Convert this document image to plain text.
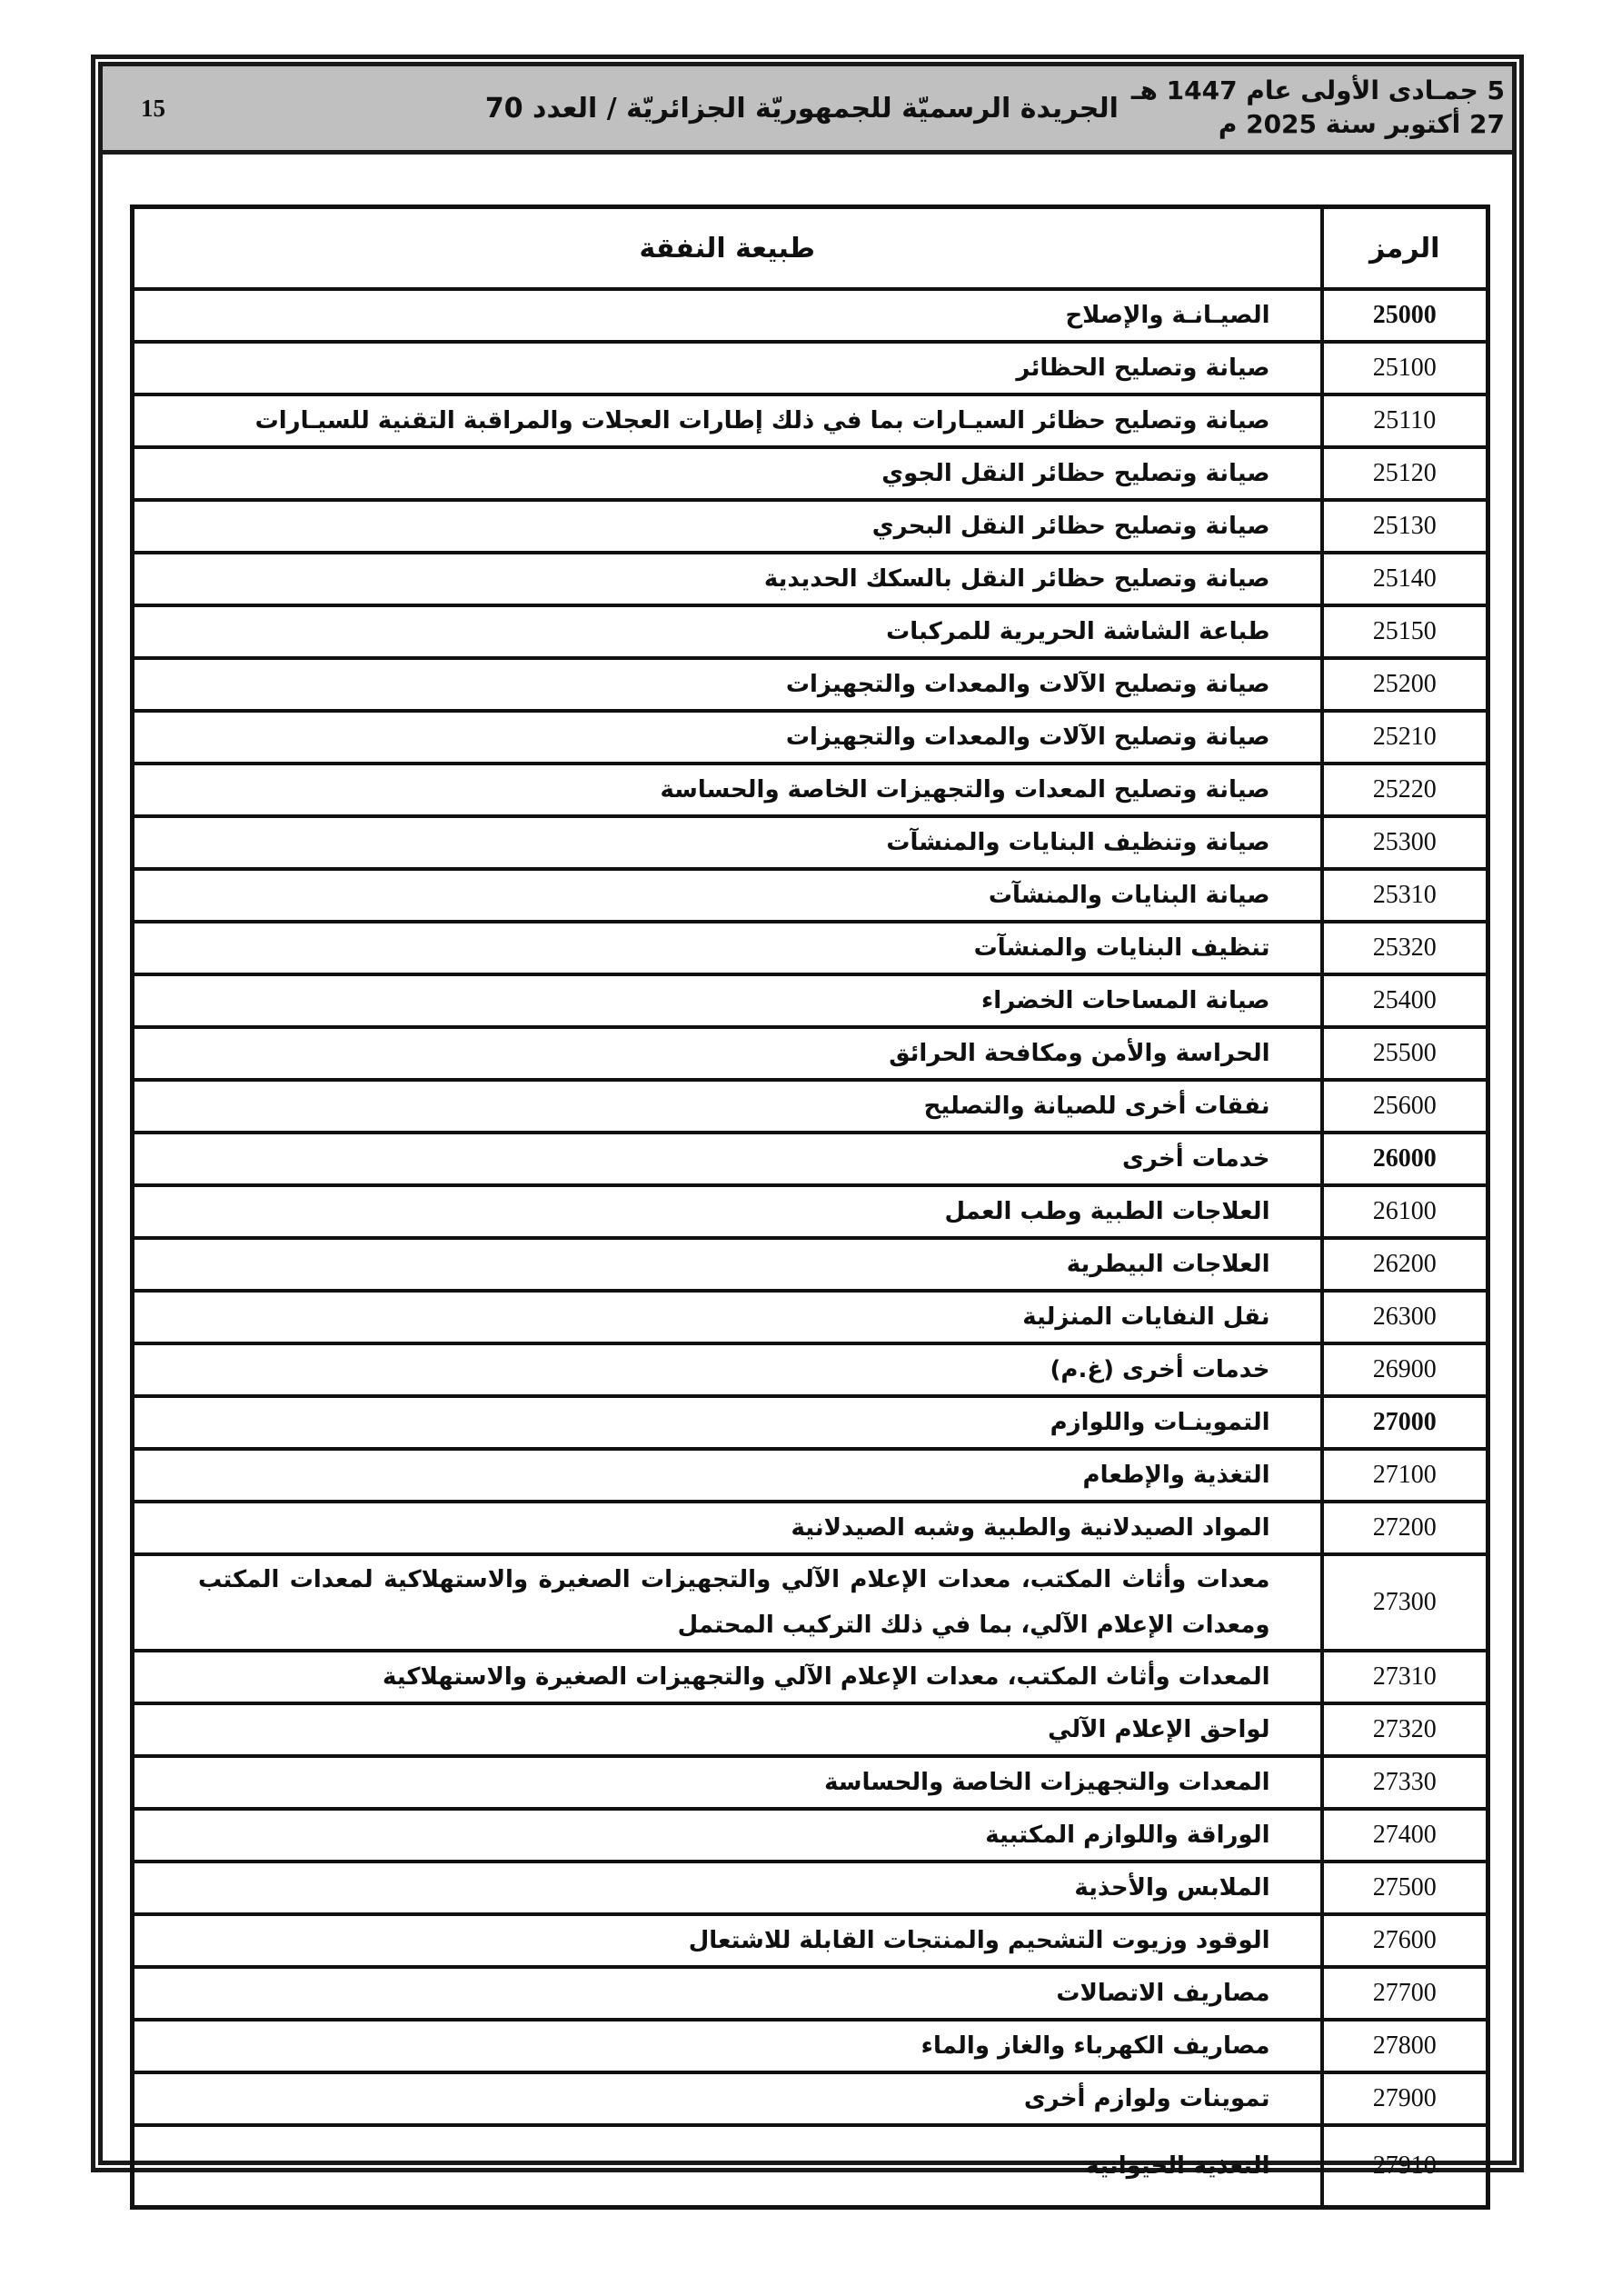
5 جمـادى الأولى عام 1447 هـ
27 أكتوبر سنة 2025 م
الجريدة الرسميّة للجمهوريّة الجزائريّة / العدد 70
15
الرمز	طبيعة النفقة
25000	الصيـانـة والإصلاح
25100	صيانة وتصليح الحظائر
25110	صيانة وتصليح حظائر السيـارات بما في ذلك إطارات العجلات والمراقبة التقنية للسيـارات
25120	صيانة وتصليح حظائر النقل الجوي
25130	صيانة وتصليح حظائر النقل البحري
25140	صيانة وتصليح حظائر النقل بالسكك الحديدية
25150	طباعة الشاشة الحريرية للمركبات
25200	صيانة وتصليح الآلات والمعدات والتجهيزات
25210	صيانة وتصليح الآلات والمعدات والتجهيزات
25220	صيانة وتصليح المعدات والتجهيزات الخاصة والحساسة
25300	صيانة وتنظيف البنايات والمنشآت
25310	صيانة البنايات والمنشآت
25320	تنظيف البنايات والمنشآت
25400	صيانة المساحات الخضراء
25500	الحراسة والأمن ومكافحة الحرائق
25600	نفقات أخرى للصيانة والتصليح
26000	خدمات أخرى
26100	العلاجات الطبية وطب العمل
26200	العلاجات البيطرية
26300	نقل النفايات المنزلية
26900	خدمات أخرى (غ.م)
27000	التموينـات واللوازم
27100	التغذية والإطعام
27200	المواد الصيدلانية والطبية وشبه الصيدلانية
27300	معدات وأثاث المكتب، معدات الإعلام الآلي والتجهيزات الصغيرة والاستهلاكية لمعدات المكتب ومعدات الإعلام الآلي، بما في ذلك التركيب المحتمل
27310	المعدات وأثاث المكتب، معدات الإعلام الآلي والتجهيزات الصغيرة والاستهلاكية
27320	لواحق الإعلام الآلي
27330	المعدات والتجهيزات الخاصة والحساسة
27400	الوراقة واللوازم المكتبية
27500	الملابس والأحذية
27600	الوقود وزيوت التشحيم والمنتجات القابلة للاشتعال
27700	مصاريف الاتصالات
27800	مصاريف الكهرباء والغاز والماء
27900	تموينات ولوازم أخرى
27910	التغذية الحيوانية
